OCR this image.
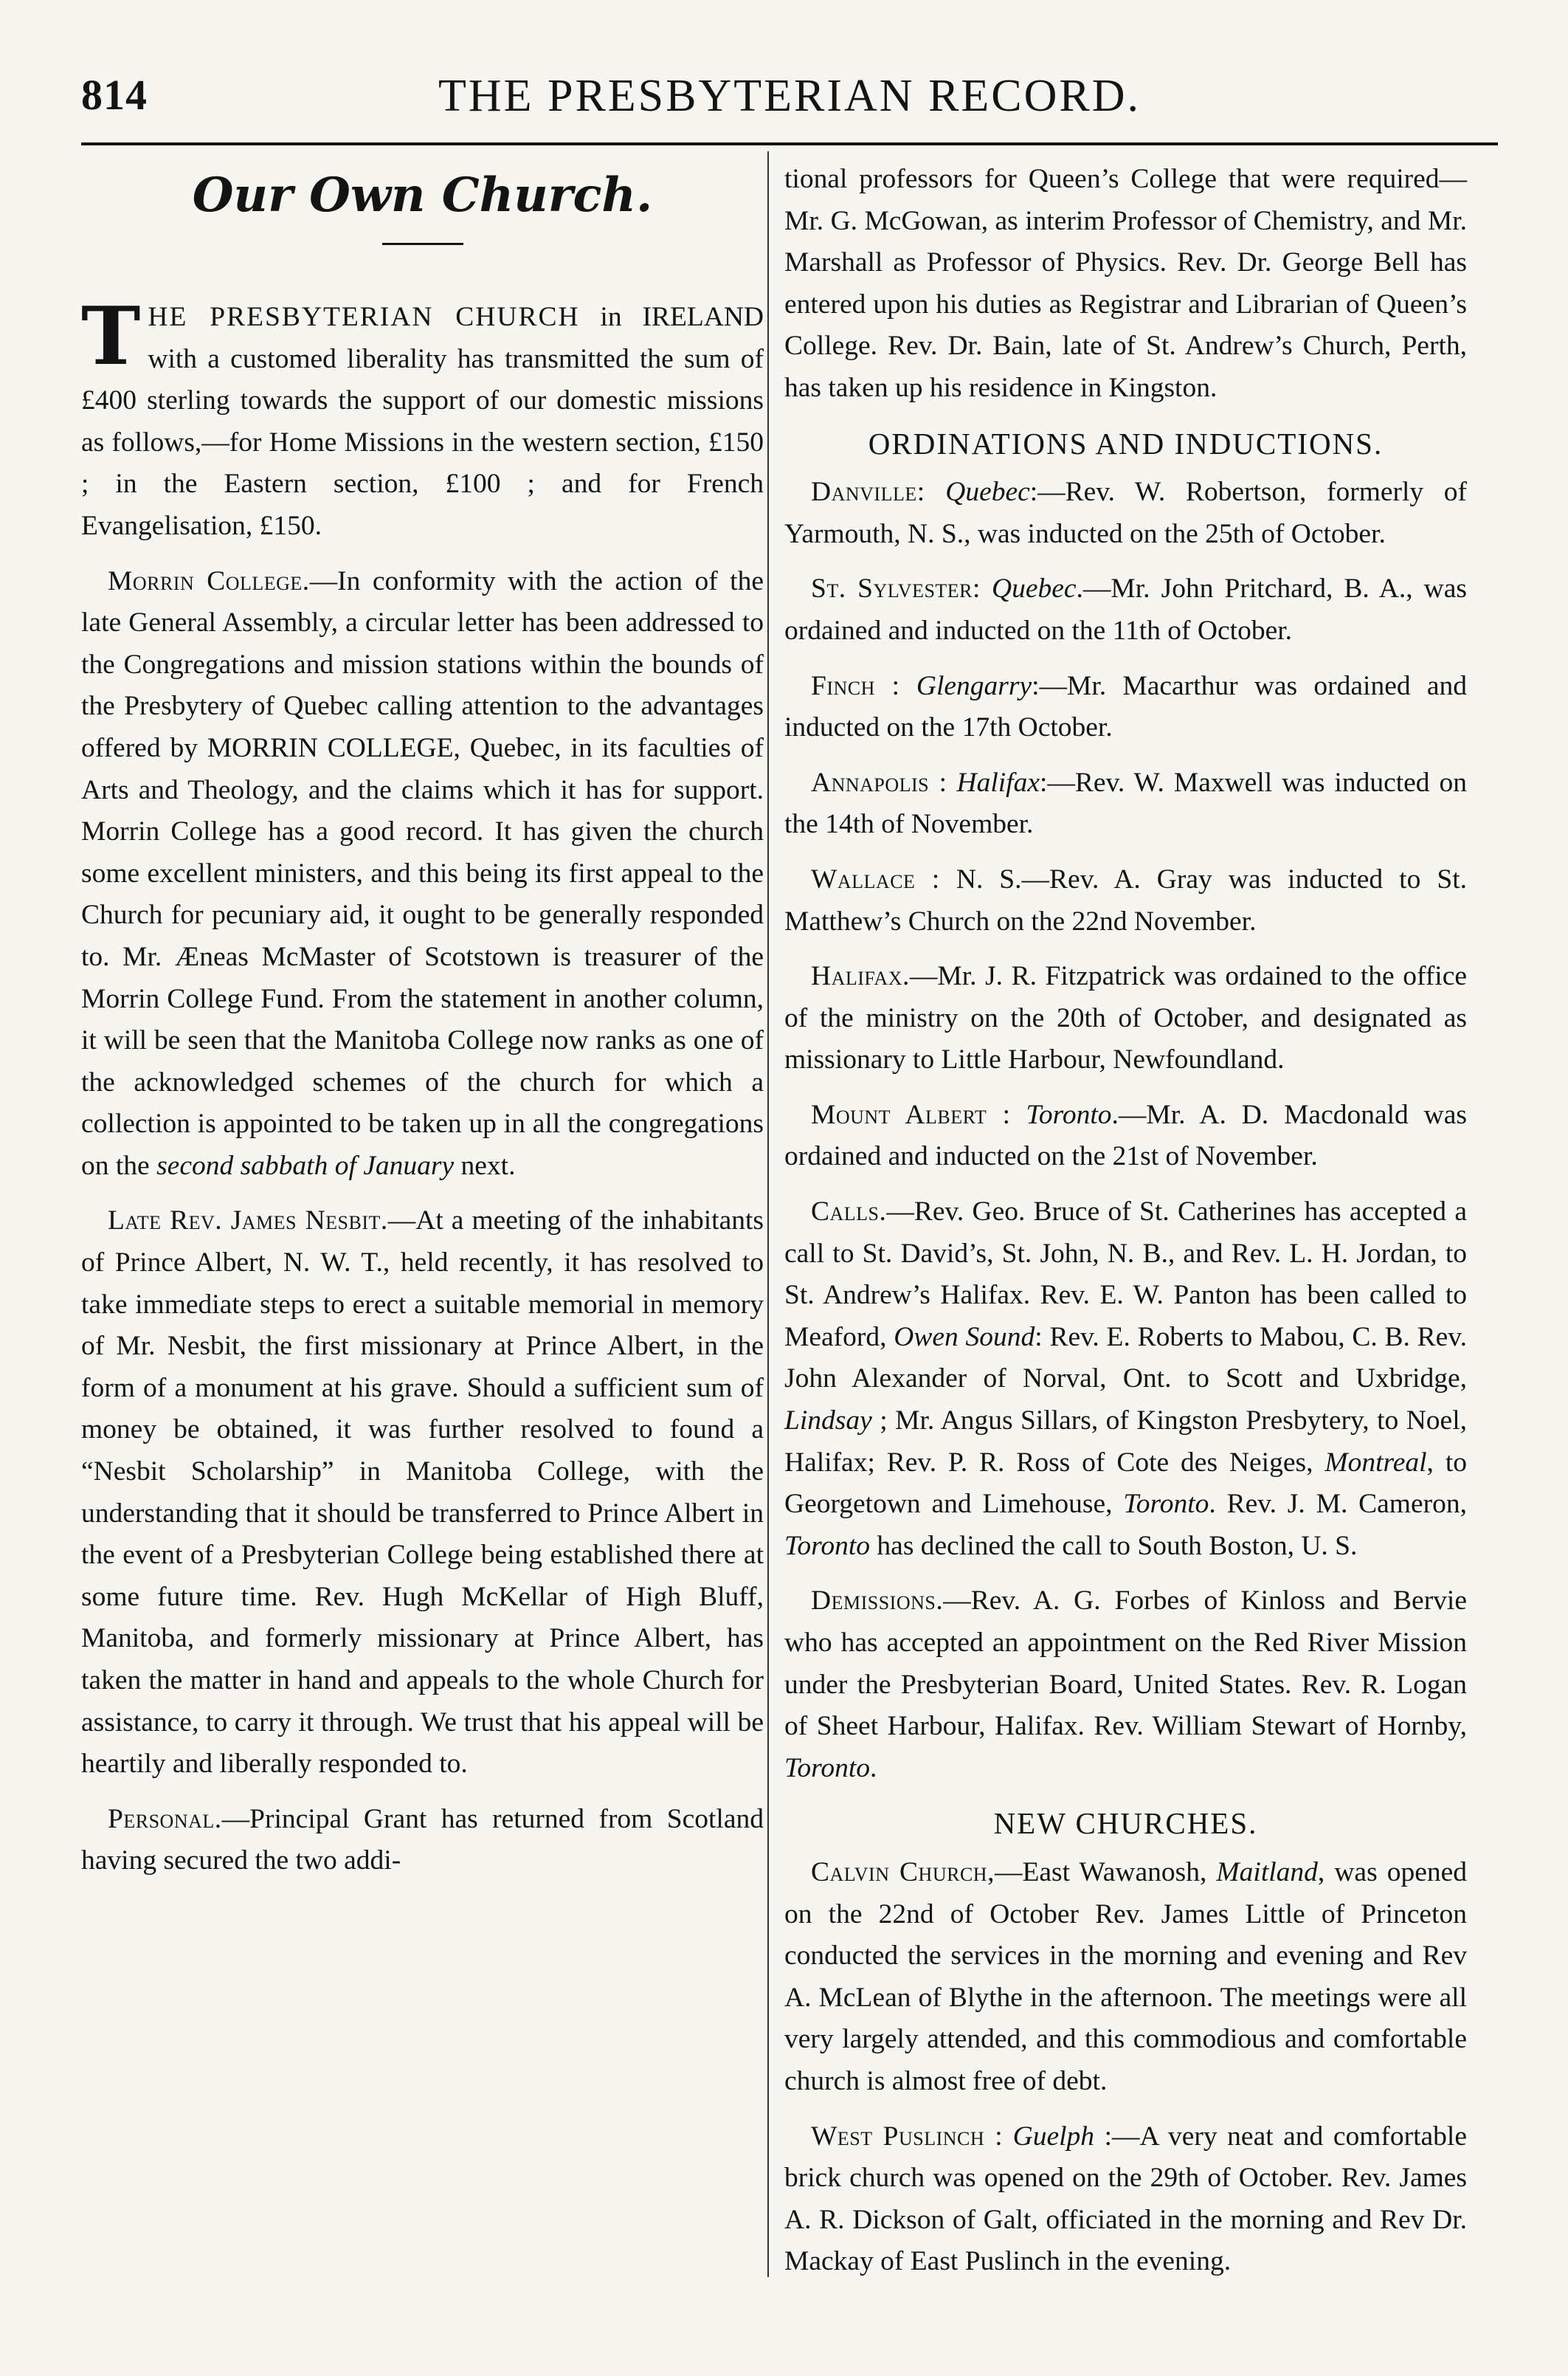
814	THE PRESBYTERIAN RECORD.
Our Own Church.

THE PRESBYTERIAN CHURCH in IRELAND with a customed liberality has transmitted the sum of £400 sterling towards the support of our domestic missions as follows,—for Home Missions in the western section, £150 ; in the Eastern section, £100 ; and for French Evangelisation, £150.

Morrin College.—In conformity with the action of the late General Assembly, a circular letter has been addressed to the Congregations and mission stations within the bounds of the Presbytery of Quebec calling attention to the advantages offered by MORRIN COLLEGE, Quebec, in its faculties of Arts and Theology, and the claims which it has for support. Morrin College has a good record. It has given the church some excellent ministers, and this being its first appeal to the Church for pecuniary aid, it ought to be generally responded to. Mr. Æneas McMaster of Scotstown is treasurer of the Morrin College Fund. From the statement in another column, it will be seen that the Manitoba College now ranks as one of the acknowledged schemes of the church for which a collection is appointed to be taken up in all the congregations on the second sabbath of January next.

Late Rev. James Nesbit.—At a meeting of the inhabitants of Prince Albert, N. W. T., held recently, it has resolved to take immediate steps to erect a suitable memorial in memory of Mr. Nesbit, the first missionary at Prince Albert, in the form of a monument at his grave. Should a sufficient sum of money be obtained, it was further resolved to found a “Nesbit Scholarship” in Manitoba College, with the understanding that it should be transferred to Prince Albert in the event of a Presbyterian College being established there at some future time. Rev. Hugh McKellar of High Bluff, Manitoba, and formerly missionary at Prince Albert, has taken the matter in hand and appeals to the whole Church for assistance, to carry it through. We trust that his appeal will be heartily and liberally responded to.

Personal.—Principal Grant has returned from Scotland having secured the two addi-

tional professors for Queen’s College that were required— Mr. G. McGowan, as interim Professor of Chemistry, and Mr. Marshall as Professor of Physics. Rev. Dr. George Bell has entered upon his duties as Registrar and Librarian of Queen’s College. Rev. Dr. Bain, late of St. Andrew’s Church, Perth, has taken up his residence in Kingston.

ORDINATIONS AND INDUCTIONS.

Danville: Quebec:—Rev. W. Robertson, formerly of Yarmouth, N. S., was inducted on the 25th of October.

St. Sylvester: Quebec.—Mr. John Pritchard, B. A., was ordained and inducted on the 11th of October.

Finch : Glengarry:—Mr. Macarthur was ordained and inducted on the 17th October.

Annapolis : Halifax:—Rev. W. Maxwell was inducted on the 14th of November.

Wallace : N. S.—Rev. A. Gray was inducted to St. Matthew’s Church on the 22nd November.

Halifax.—Mr. J. R. Fitzpatrick was ordained to the office of the ministry on the 20th of October, and designated as missionary to Little Harbour, Newfoundland.

Mount Albert : Toronto.—Mr. A. D. Macdonald was ordained and inducted on the 21st of November.

Calls.—Rev. Geo. Bruce of St. Catherines has accepted a call to St. David’s, St. John, N. B., and Rev. L. H. Jordan, to St. Andrew’s Halifax. Rev. E. W. Panton has been called to Meaford, Owen Sound: Rev. E. Roberts to Mabou, C. B. Rev. John Alexander of Norval, Ont. to Scott and Uxbridge, Lindsay ; Mr. Angus Sillars, of Kingston Presbytery, to Noel, Halifax; Rev. P. R. Ross of Cote des Neiges, Montreal, to Georgetown and Limehouse, Toronto. Rev. J. M. Cameron, Toronto has declined the call to South Boston, U. S.

Demissions.—Rev. A. G. Forbes of Kinloss and Bervie who has accepted an appointment on the Red River Mission under the Presbyterian Board, United States. Rev. R. Logan of Sheet Harbour, Halifax. Rev. William Stewart of Hornby, Toronto.

NEW CHURCHES.

Calvin Church,—East Wawanosh, Maitland, was opened on the 22nd of October Rev. James Little of Princeton conducted the services in the morning and evening and Rev A. McLean of Blythe in the afternoon. The meetings were all very largely attended, and this commodious and comfortable church is almost free of debt.

West Puslinch : Guelph :—A very neat and comfortable brick church was opened on the 29th of October. Rev. James A. R. Dickson of Galt, officiated in the morning and Rev Dr. Mackay of East Puslinch in the evening.
